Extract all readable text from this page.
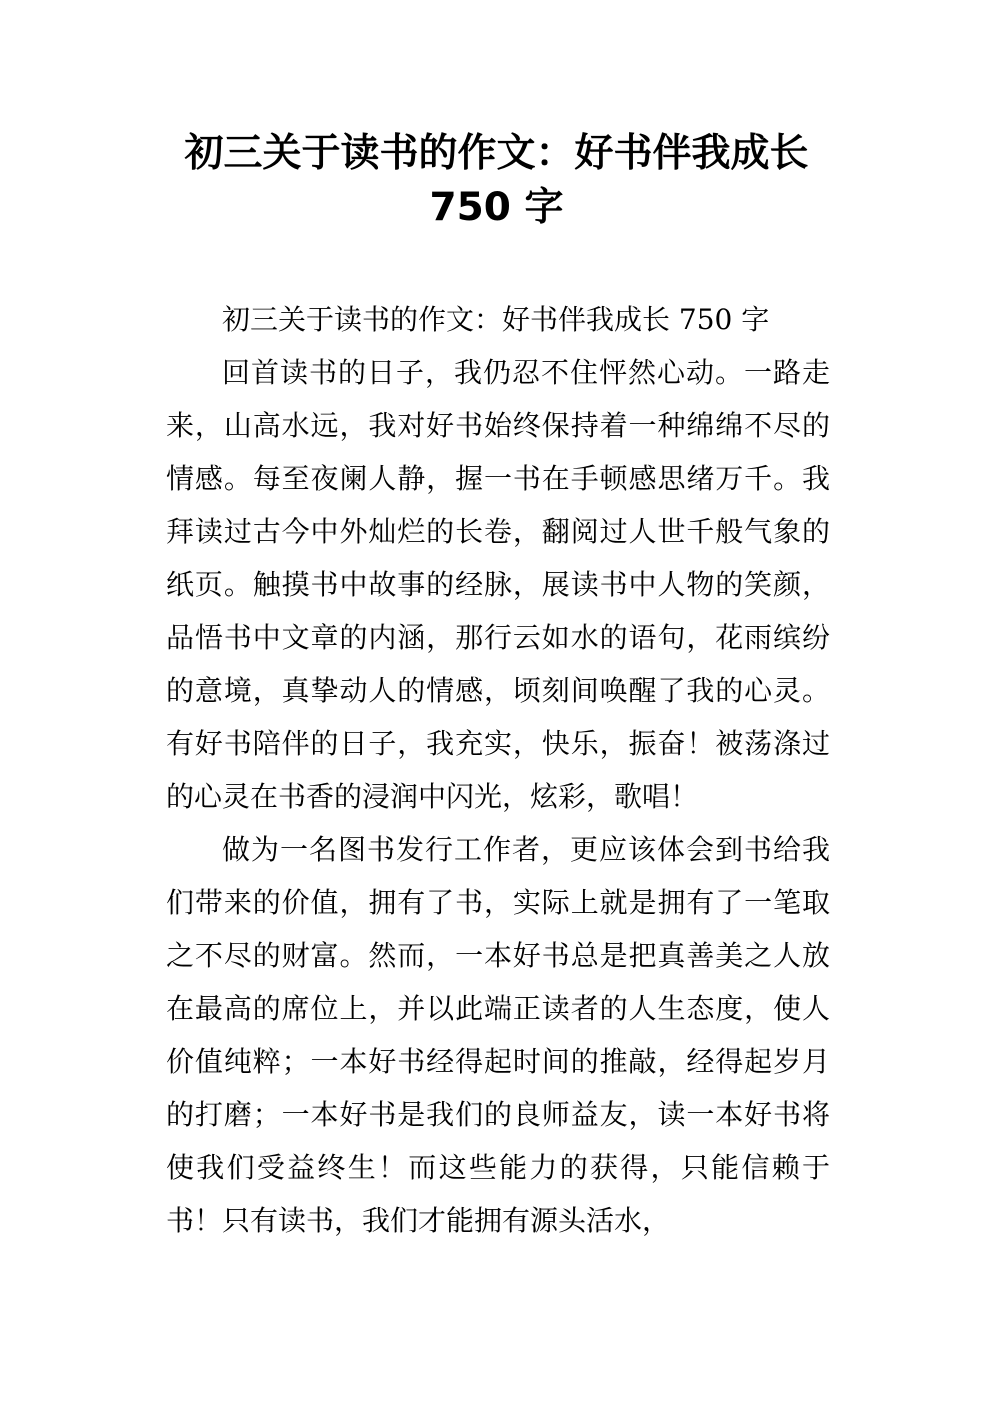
初三关于读书的作文：好书伴我成长
750 字

初三关于读书的作文：好书伴我成长 750 字

回首读书的日子，我仍忍不住怦然心动。一路走来，山高水远，我对好书始终保持着一种绵绵不尽的情感。每至夜阑人静，握一书在手顿感思绪万千。我拜读过古今中外灿烂的长卷，翻阅过人世千般气象的纸页。触摸书中故事的经脉，展读书中人物的笑颜，品悟书中文章的内涵，那行云如水的语句，花雨缤纷的意境，真挚动人的情感，顷刻间唤醒了我的心灵。有好书陪伴的日子，我充实，快乐，振奋！被荡涤过的心灵在书香的浸润中闪光，炫彩，歌唱！

做为一名图书发行工作者，更应该体会到书给我们带来的价值，拥有了书，实际上就是拥有了一笔取之不尽的财富。然而，一本好书总是把真善美之人放在最高的席位上，并以此端正读者的人生态度，使人价值纯粹；一本好书经得起时间的推敲，经得起岁月的打磨；一本好书是我们的良师益友，读一本好书将使我们受益终生！而这些能力的获得，只能信赖于书！只有读书，我们才能拥有源头活水，
